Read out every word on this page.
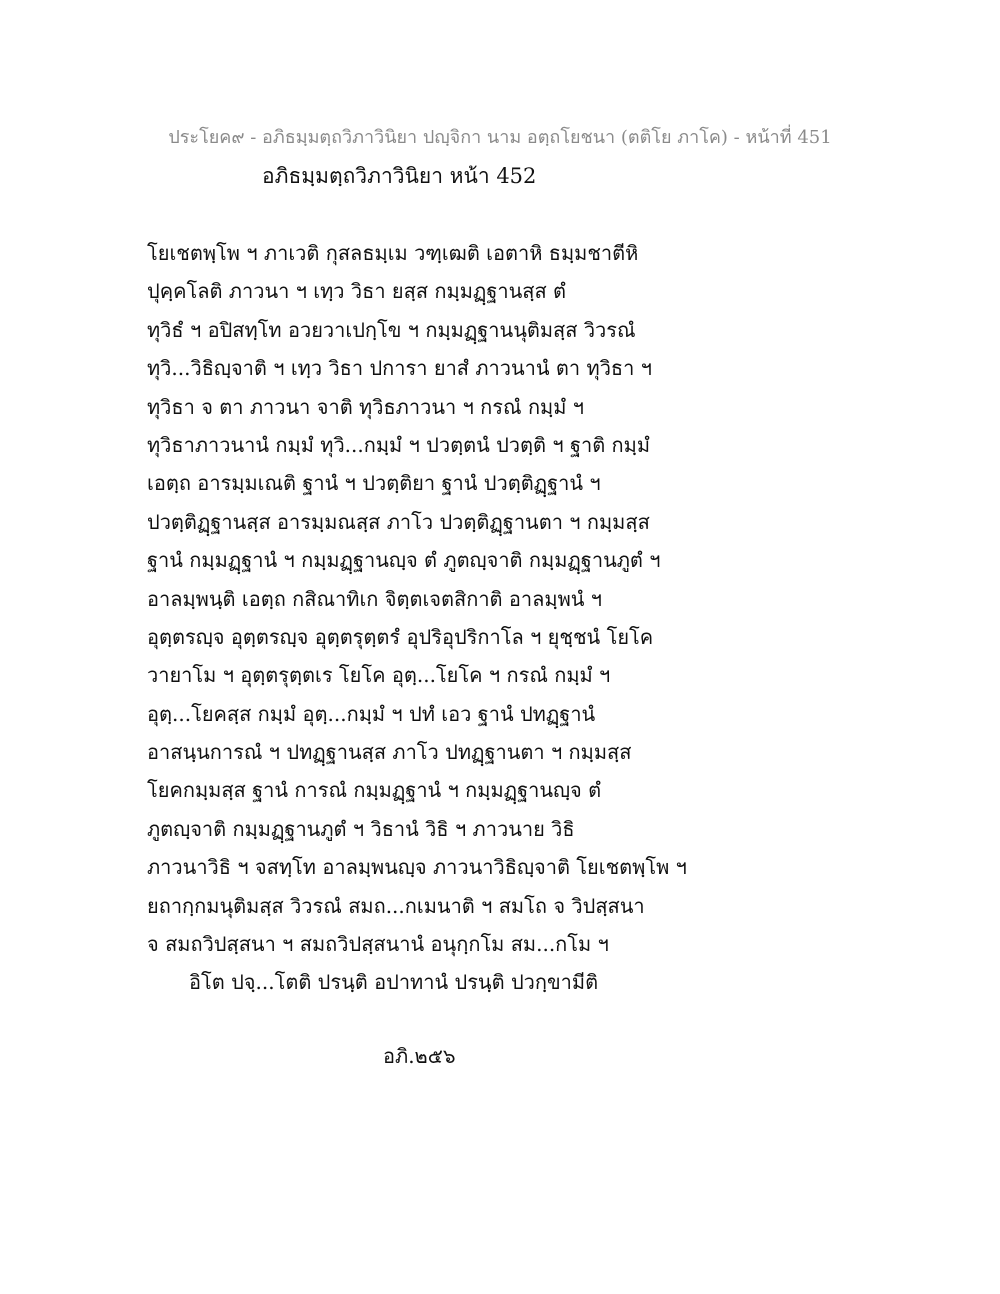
ประโยค๙ - อภิธมฺมตฺถวิภาวินิยา ปญฺจิกา นาม อตฺถโยชนา (ตติโย ภาโค) - หน้าที่ 451
อภิธมฺมตฺถวิภาวินิยา หน้า 452
โยเชตพฺโพ ฯ ภาเวติ กุสลธมฺเม วฑฺเฒติ เอตาหิ ธมฺมชาตีหิ
ปุคฺคโลติ ภาวนา ฯ เทฺว วิธา ยสฺส กมฺมฏฺฐานสฺส ตํ
ทุวิธํ ฯ อปิสทฺโท อวยวาเปกฺโข ฯ กมฺมฏฺฐานนุติมสฺส วิวรณํ
ทุวิ...วิธิญฺจาติ ฯ เทฺว วิธา ปการา ยาสํ ภาวนานํ ตา ทุวิธา ฯ
ทุวิธา จ ตา ภาวนา จาติ ทุวิธภาวนา ฯ กรณํ กมฺมํ ฯ
ทุวิธาภาวนานํ กมฺมํ ทุวิ...กมฺมํ ฯ ปวตฺตนํ ปวตฺติ ฯ ฐาติ กมฺมํ
เอตฺถ อารมฺมเณติ ฐานํ ฯ ปวตฺติยา ฐานํ ปวตฺติฏฺฐานํ ฯ
ปวตฺติฏฺฐานสฺส อารมฺมณสฺส ภาโว ปวตฺติฏฺฐานตา ฯ กมฺมสฺส
ฐานํ กมฺมฏฺฐานํ ฯ กมฺมฏฺฐานญฺจ ตํ ภูตญฺจาติ กมฺมฏฺฐานภูตํ ฯ
อาลมฺพนฺติ เอตฺถ กสิณาทิเก จิตฺตเจตสิกาติ อาลมฺพนํ ฯ
อุตฺตรญฺจ อุตฺตรญฺจ อุตฺตรุตฺตรํ อุปริอุปริกาโล ฯ ยุชฺชนํ โยโค
วายาโม ฯ อุตฺตรุตฺตเร โยโค อุตฺ...โยโค ฯ กรณํ กมฺมํ ฯ
อุตฺ...โยคสฺส กมฺมํ อุตฺ...กมฺมํ ฯ ปทํ เอว ฐานํ ปทฏฺฐานํ
อาสนฺนการณํ ฯ ปทฏฺฐานสฺส ภาโว ปทฏฺฐานตา ฯ กมฺมสฺส
โยคกมฺมสฺส ฐานํ การณํ กมฺมฏฺฐานํ ฯ กมฺมฏฺฐานญฺจ ตํ
ภูตญฺจาติ กมฺมฏฺฐานภูตํ ฯ วิธานํ วิธิ ฯ ภาวนาย วิธิ
ภาวนาวิธิ ฯ จสทฺโท อาลมฺพนญฺจ ภาวนาวิธิญฺจาติ โยเชตพฺโพ ฯ
ยถากฺกมนุติมสฺส วิวรณํ สมถ...กเมนาติ ฯ สมโถ จ วิปสฺสนา
จ สมถวิปสฺสนา ฯ สมถวิปสฺสนานํ อนุกฺกโม สม...กโม ฯ
อิโต ปจฺ...โตติ ปรนฺติ อปาทานํ ปรนฺติ ปวกฺขามีติ
อภิ.๒๕๖
